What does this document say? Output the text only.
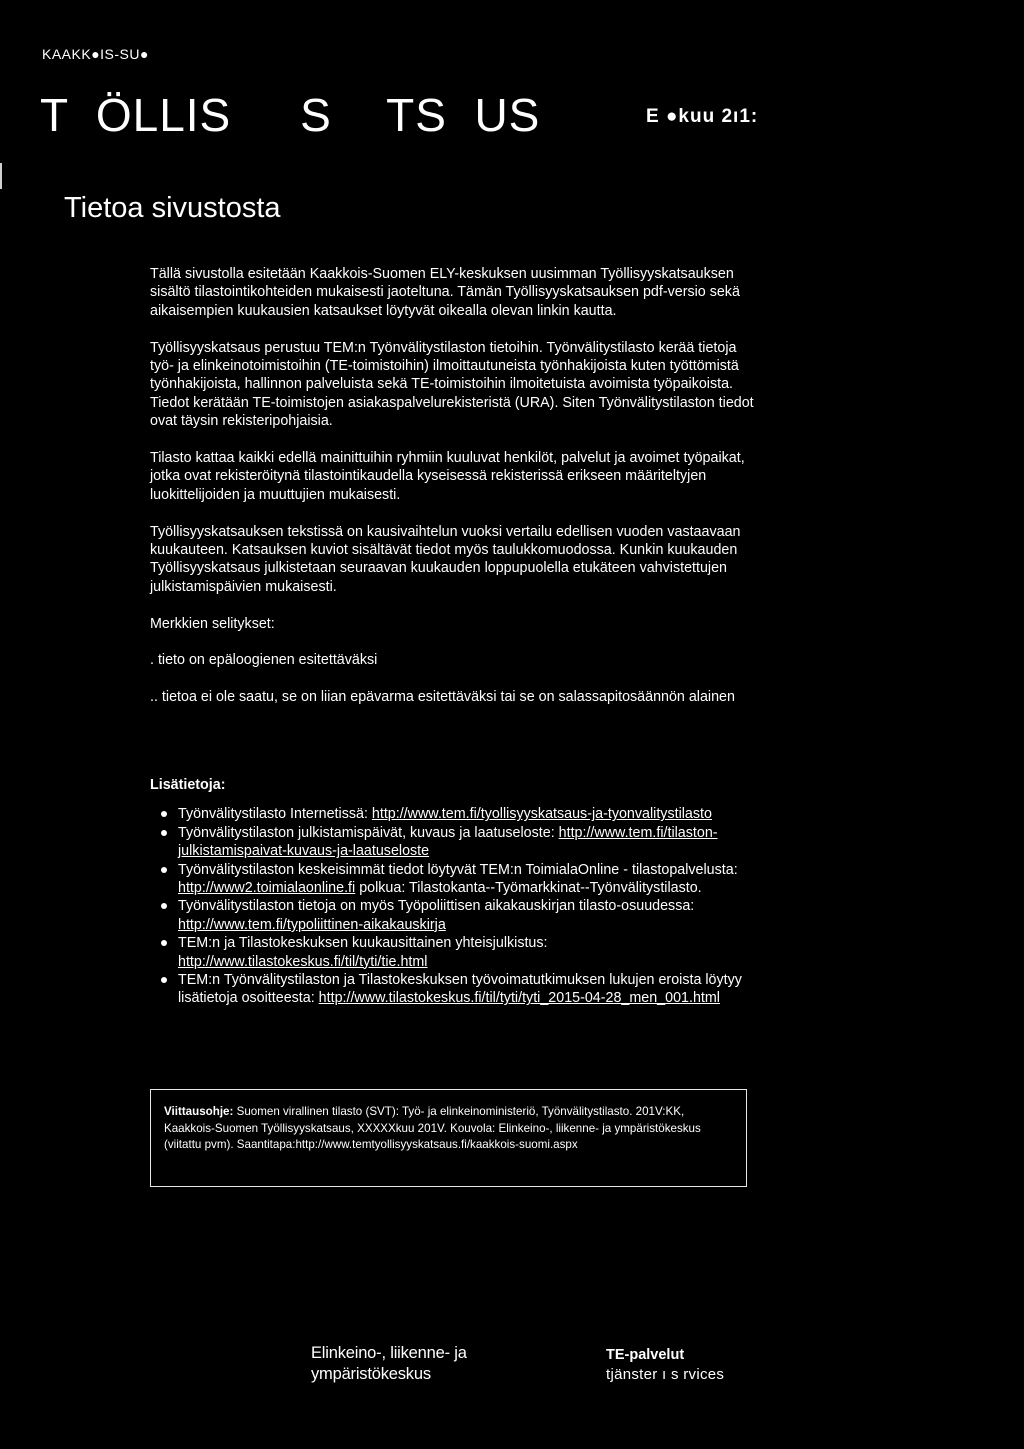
KAAKK●IS-SU●
T  ÖLLIS     S    TS  US	E ●kuu 2ı1:
Tietoa sivustosta

Tällä sivustolla esitetään Kaakkois-Suomen ELY-keskuksen uusimman Työllisyyskatsauksen sisältö tilastointikohteiden mukaisesti jaoteltuna. Tämän Työllisyyskatsauksen pdf-versio sekä aikaisempien kuukausien katsaukset löytyvät oikealla olevan linkin kautta.

Työllisyyskatsaus perustuu TEM:n Työnvälitystilaston tietoihin. Työnvälitystilasto kerää tietoja työ- ja elinkeinotoimistoihin (TE-toimistoihin) ilmoittautuneista työnhakijoista kuten työttömistä työnhakijoista, hallinnon palveluista sekä TE-toimistoihin ilmoitetuista avoimista työpaikoista. Tiedot kerätään TE-toimistojen asiakaspalvelurekisteristä (URA). Siten Työnvälitystilaston tiedot ovat täysin rekisteripohjaisia.

Tilasto kattaa kaikki edellä mainittuihin ryhmiin kuuluvat henkilöt, palvelut ja avoimet työpaikat, jotka ovat rekisteröitynä tilastointikaudella kyseisessä rekisterissä erikseen määriteltyjen luokittelijoiden ja muuttujien mukaisesti.

Työllisyyskatsauksen tekstissä on kausivaihtelun vuoksi vertailu edellisen vuoden vastaavaan kuukauteen. Katsauksen kuviot sisältävät tiedot myös taulukkomuodossa. Kunkin kuukauden Työllisyyskatsaus julkistetaan seuraavan kuukauden loppupuolella etukäteen vahvistettujen julkistamispäivien mukaisesti.

Merkkien selitykset:

. tieto on epäloogienen esitettäväksi

.. tietoa ei ole saatu, se on liian epävarma esitettäväksi tai se on salassapitosäännön alainen

Lisätietoja:
Työnvälitystilasto Internetissä: http://www.tem.fi/tyollisyyskatsaus-ja-tyonvalitystilasto
Työnvälitystilaston julkistamispäivät, kuvaus ja laatuseloste: http://www.tem.fi/tilaston-julkistamispaivat-kuvaus-ja-laatuseloste
Työnvälitystilaston keskeisimmät tiedot löytyvät TEM:n ToimialaOnline - tilastopalvelusta: http://www2.toimialaonline.fi polkua: Tilastokanta--Työmarkkinat--Työnvälitystilasto.
Työnvälitystilaston tietoja on myös Työpoliittisen aikakauskirjan tilasto-osuudessa: http://www.tem.fi/typoliittinen-aikakauskirja
TEM:n ja Tilastokeskuksen kuukausittainen yhteisjulkistus: http://www.tilastokeskus.fi/til/tyti/tie.html
TEM:n Työnvälitystilaston ja Tilastokeskuksen työvoimatutkimuksen lukujen eroista löytyy lisätietoja osoitteesta: http://www.tilastokeskus.fi/til/tyti/tyti_2015-04-28_men_001.html
Viittausohje: Suomen virallinen tilasto (SVT): Työ- ja elinkeinoministeriö, Työnvälitystilasto. 201V:KK, Kaakkois-Suomen Työllisyyskatsaus, XXXXXkuu 201V. Kouvola: Elinkeino-, liikenne- ja ympäristökeskus (viitattu pvm). Saantitapa:http://www.temtyollisyyskatsaus.fi/kaakkois-suomi.aspx
Elinkeino-, liikenne- ja
ympäristökeskus
TE-palvelut
tjänster ı s rvices
